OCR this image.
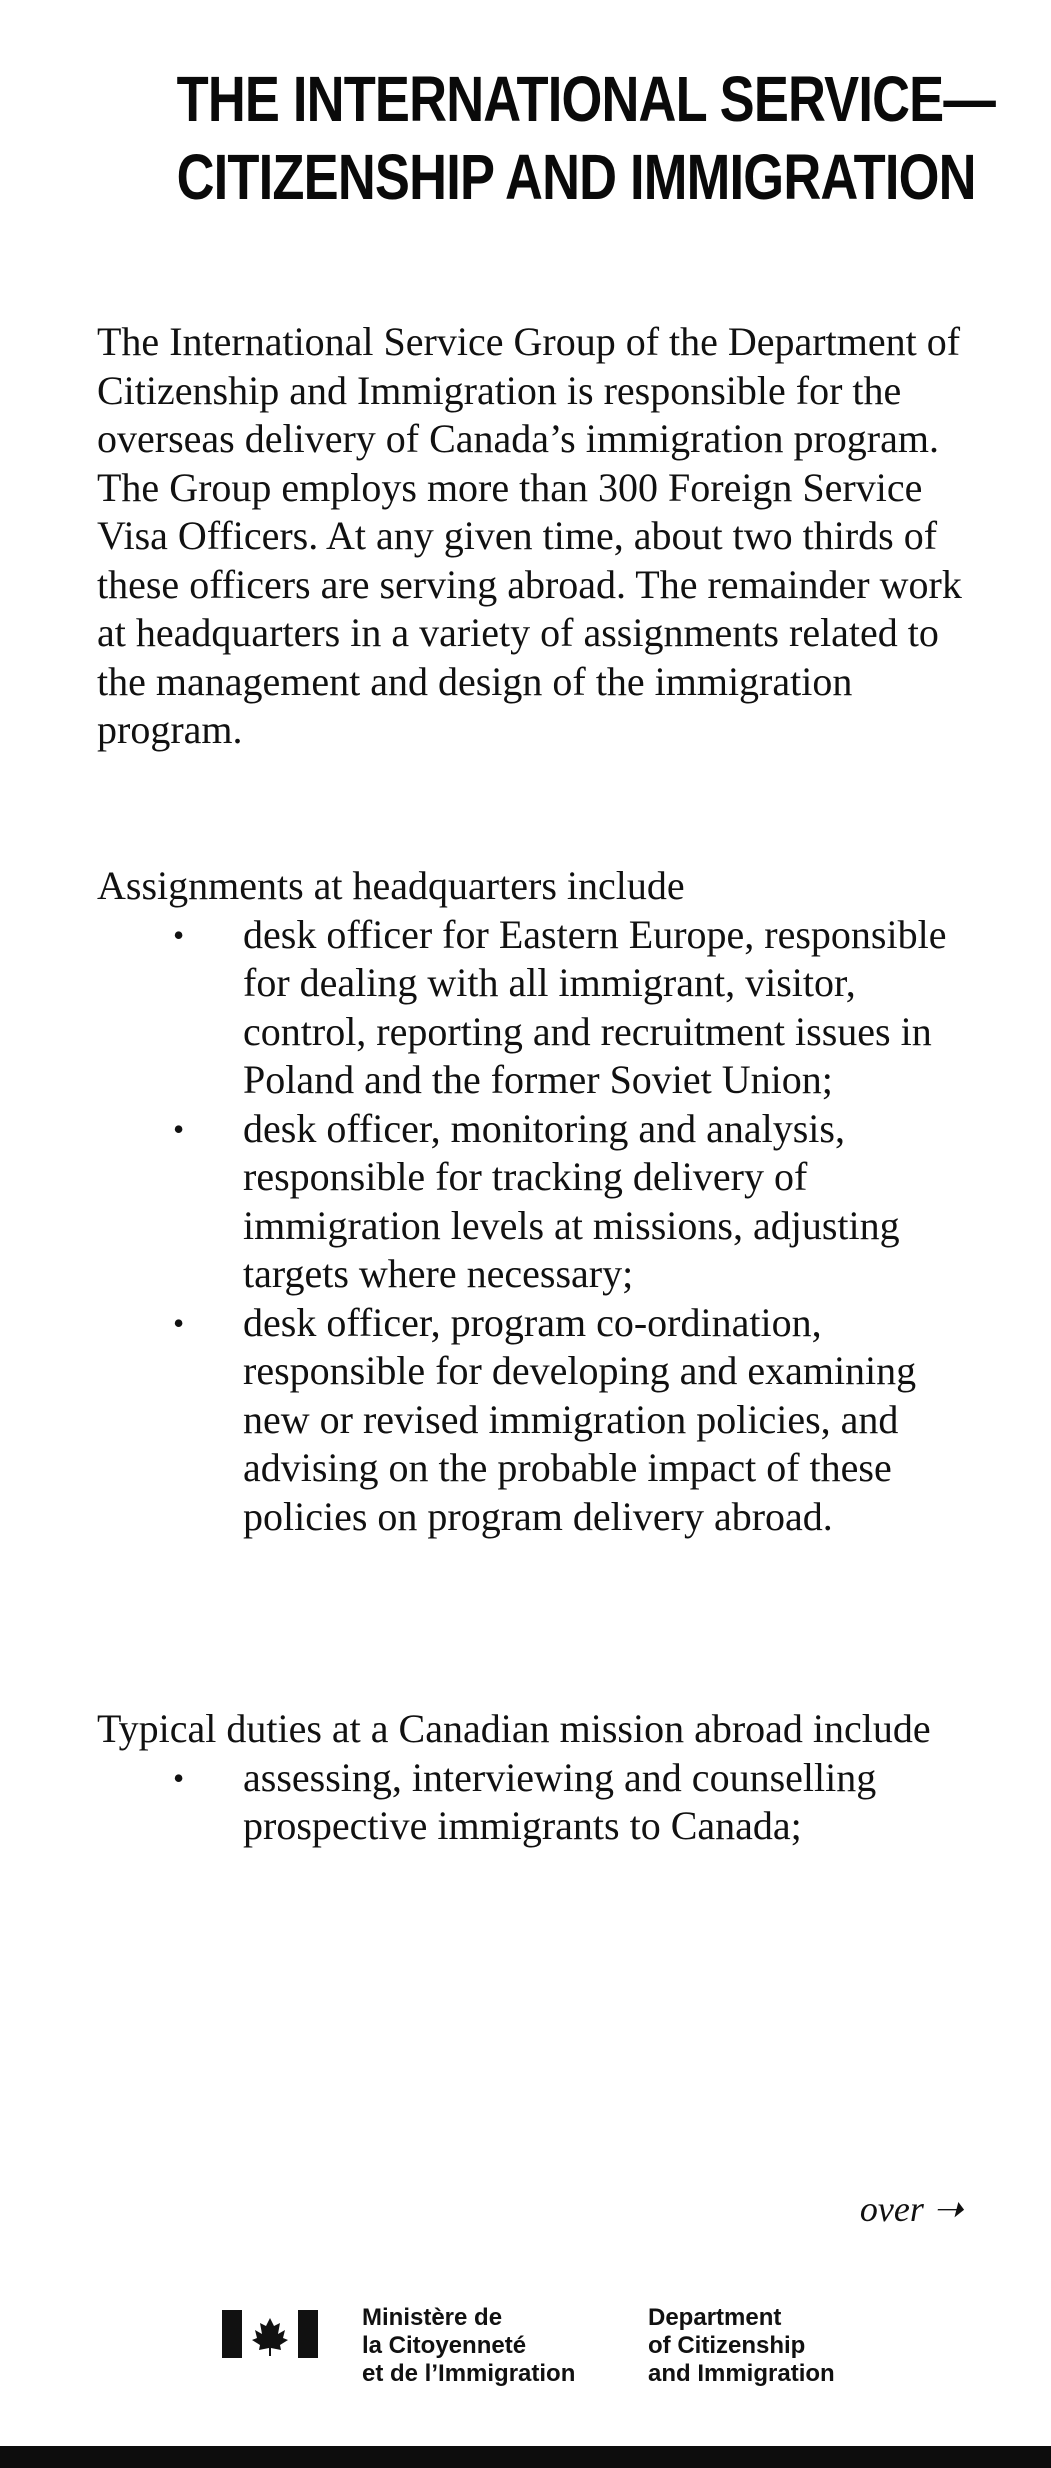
THE INTERNATIONAL SERVICE—
CITIZENSHIP AND IMMIGRATION

The International Service Group of the Department of Citizenship and Immigration is responsible for the overseas delivery of Canada’s immigration program. The Group employs more than 300 Foreign Service Visa Officers. At any given time, about two thirds of these officers are serving abroad. The remainder work at headquarters in a variety of assignments related to the management and design of the immigration program.

Assignments at headquarters include
• desk officer for Eastern Europe, responsible for dealing with all immigrant, visitor, control, reporting and recruitment issues in Poland and the former Soviet Union;
• desk officer, monitoring and analysis, responsible for tracking delivery of immigration levels at missions, adjusting targets where necessary;
• desk officer, program co-ordination, responsible for developing and examining new or revised immigration policies, and advising on the probable impact of these policies on program delivery abroad.
Typical duties at a Canadian mission abroad include
• assessing, interviewing and counselling prospective immigrants to Canada;
over ➝
Ministère de
la Citoyenneté
et de l’Immigration
Department
of Citizenship
and Immigration
